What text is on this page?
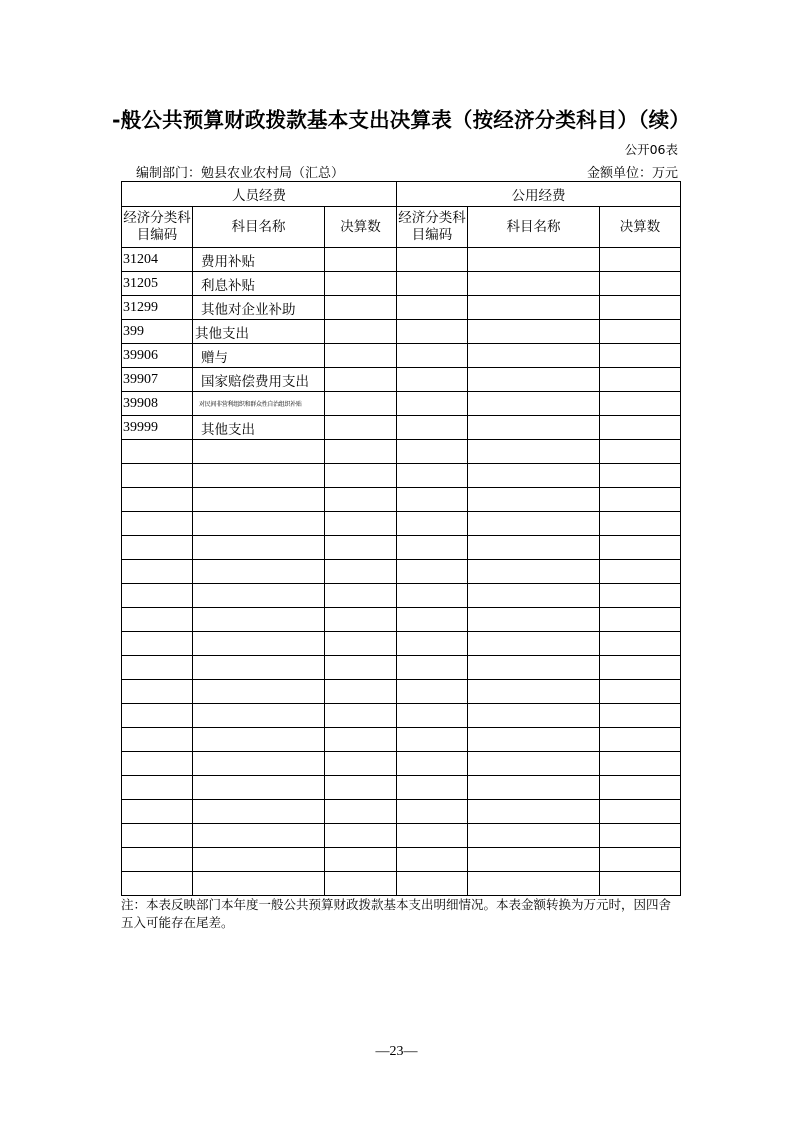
-般公共预算财政拨款基本支出决算表（按经济分类科目）（续）
公开06表
编制部门：勉县农业农村局（汇总）	金额单位：万元
人员经费			公用经费		
经济分类科目编码	科目名称	决算数	经济分类科目编码	科目名称	决算数
31204	费用补贴				
31205	利息补贴				
31299	其他对企业补助				
399	其他支出				
39906	赠与				
39907	国家赔偿费用支出				
39908	对民间非营利组织和群众性自治组织补贴				
39999	其他支出				

注：本表反映部门本年度一般公共预算财政拨款基本支出明细情况。本表金额转换为万元时，因四舍五入可能存在尾差。
—23—
